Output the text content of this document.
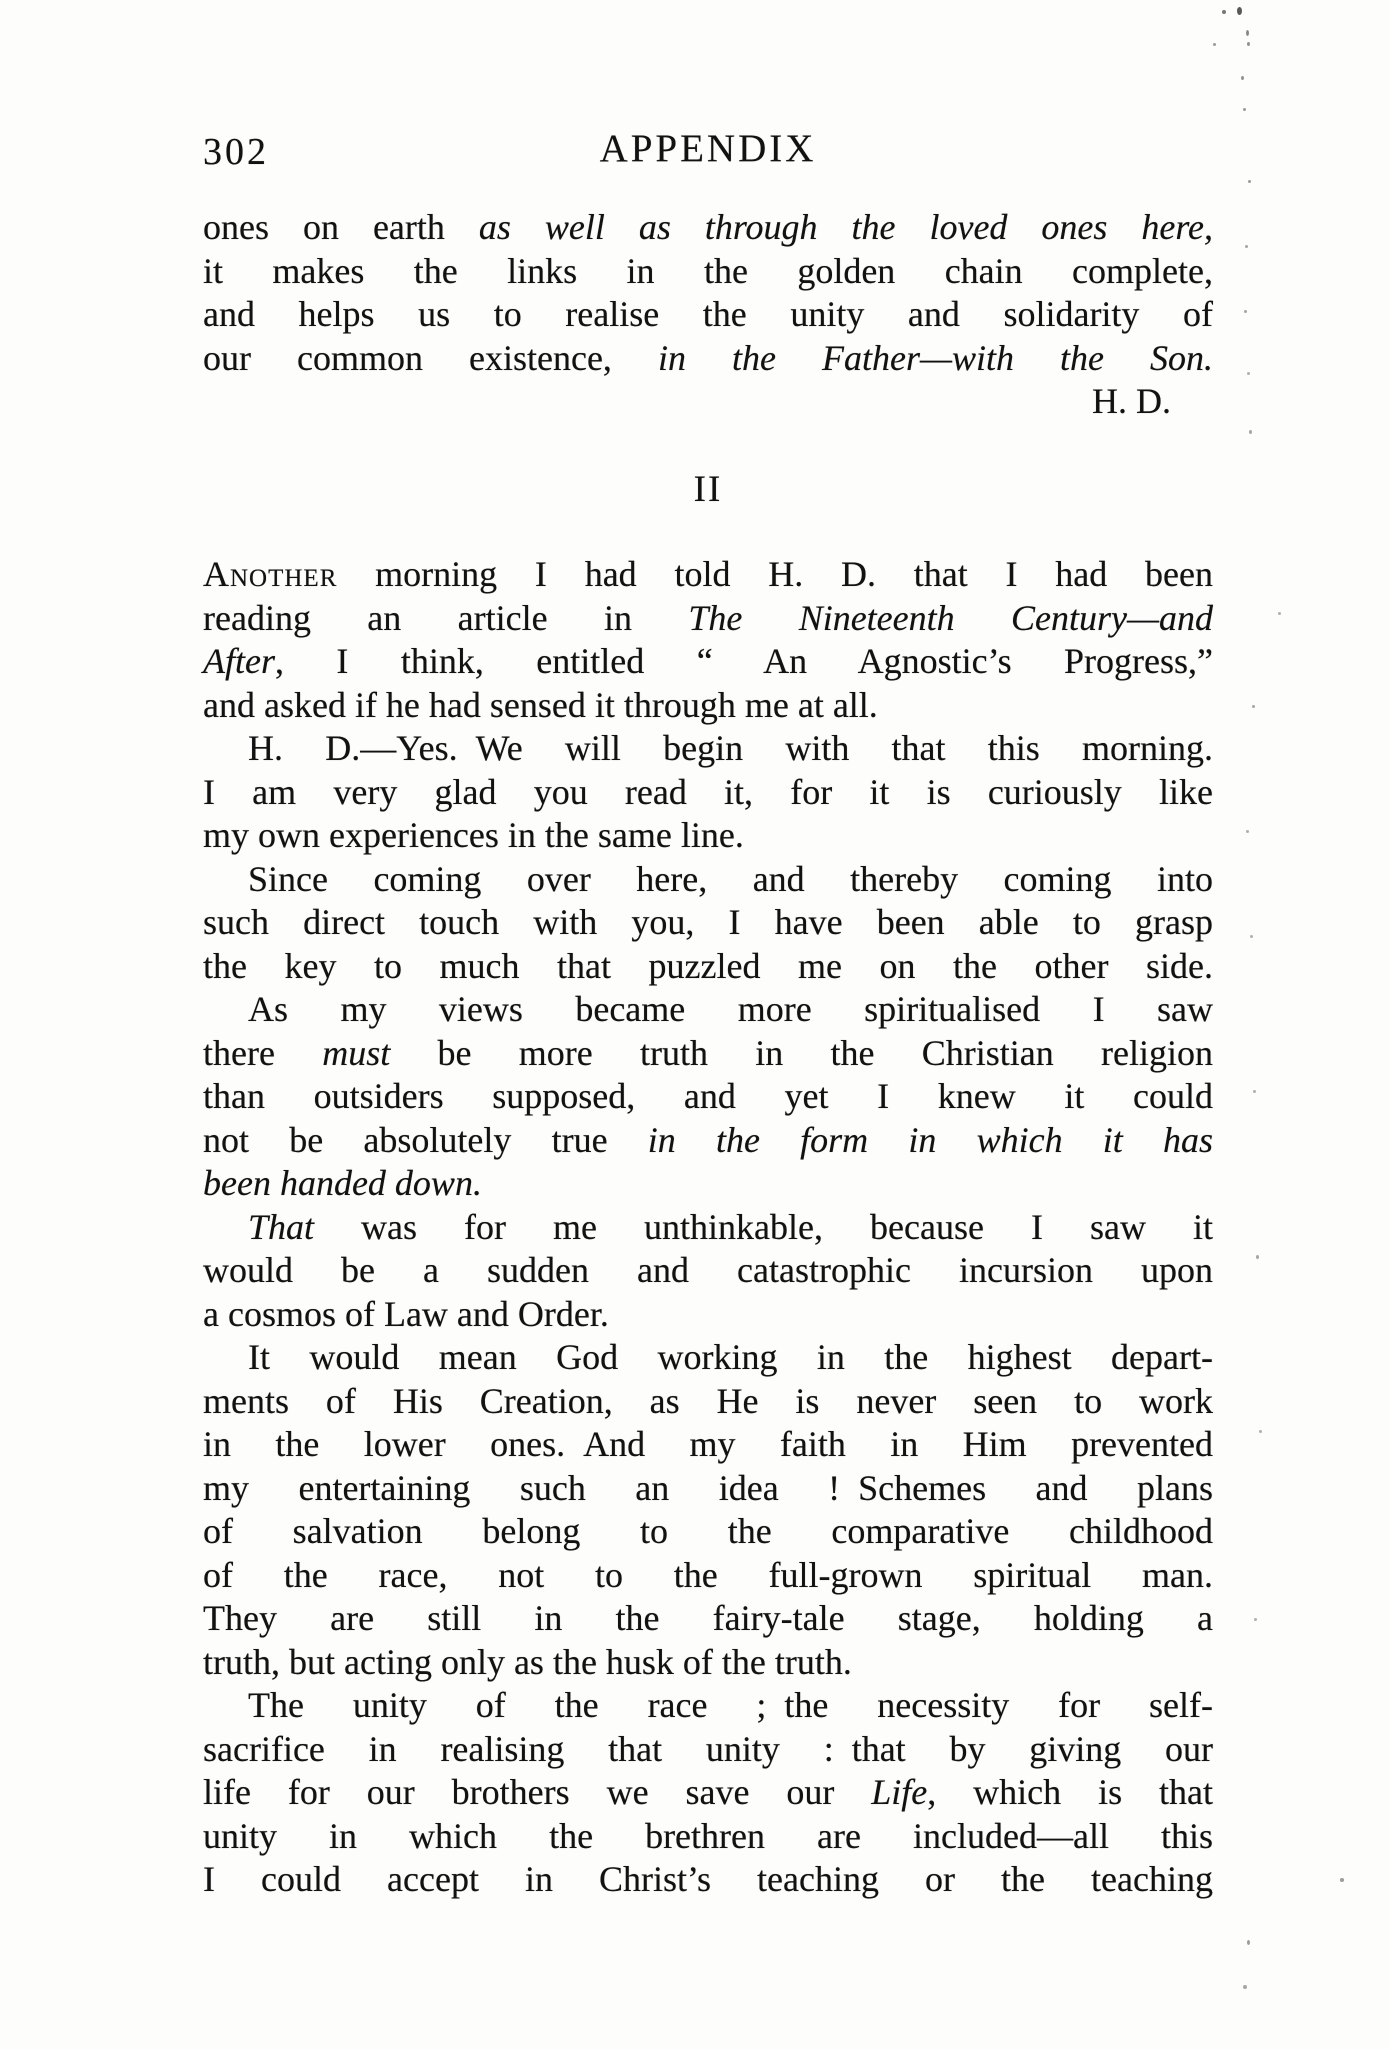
302	APPENDIX

ones on earth as well as through the loved ones here,
it makes the links in the golden chain complete,
and helps us to realise the unity and solidarity of
our common existence, in the Father—with the Son.

H. D.
II

Another morning I had told H. D. that I had been
reading an article in The Nineteenth Century—and
After, I think, entitled “ An Agnostic’s Progress,”
and asked if he had sensed it through me at all.

H. D.—Yes. We will begin with that this morning.
I am very glad you read it, for it is curiously like
my own experiences in the same line.

Since coming over here, and thereby coming into
such direct touch with you, I have been able to grasp
the key to much that puzzled me on the other side.

As my views became more spiritualised I saw
there must be more truth in the Christian religion
than outsiders supposed, and yet I knew it could
not be absolutely true in the form in which it has
been handed down.

That was for me unthinkable, because I saw it
would be a sudden and catastrophic incursion upon
a cosmos of Law and Order.

It would mean God working in the highest depart-
ments of His Creation, as He is never seen to work
in the lower ones. And my faith in Him prevented
my entertaining such an idea ! Schemes and plans
of salvation belong to the comparative childhood
of the race, not to the full-grown spiritual man.
They are still in the fairy-tale stage, holding a
truth, but acting only as the husk of the truth.

The unity of the race ; the necessity for self-
sacrifice in realising that unity : that by giving our
life for our brothers we save our Life, which is that
unity in which the brethren are included—all this
I could accept in Christ’s teaching or the teaching
